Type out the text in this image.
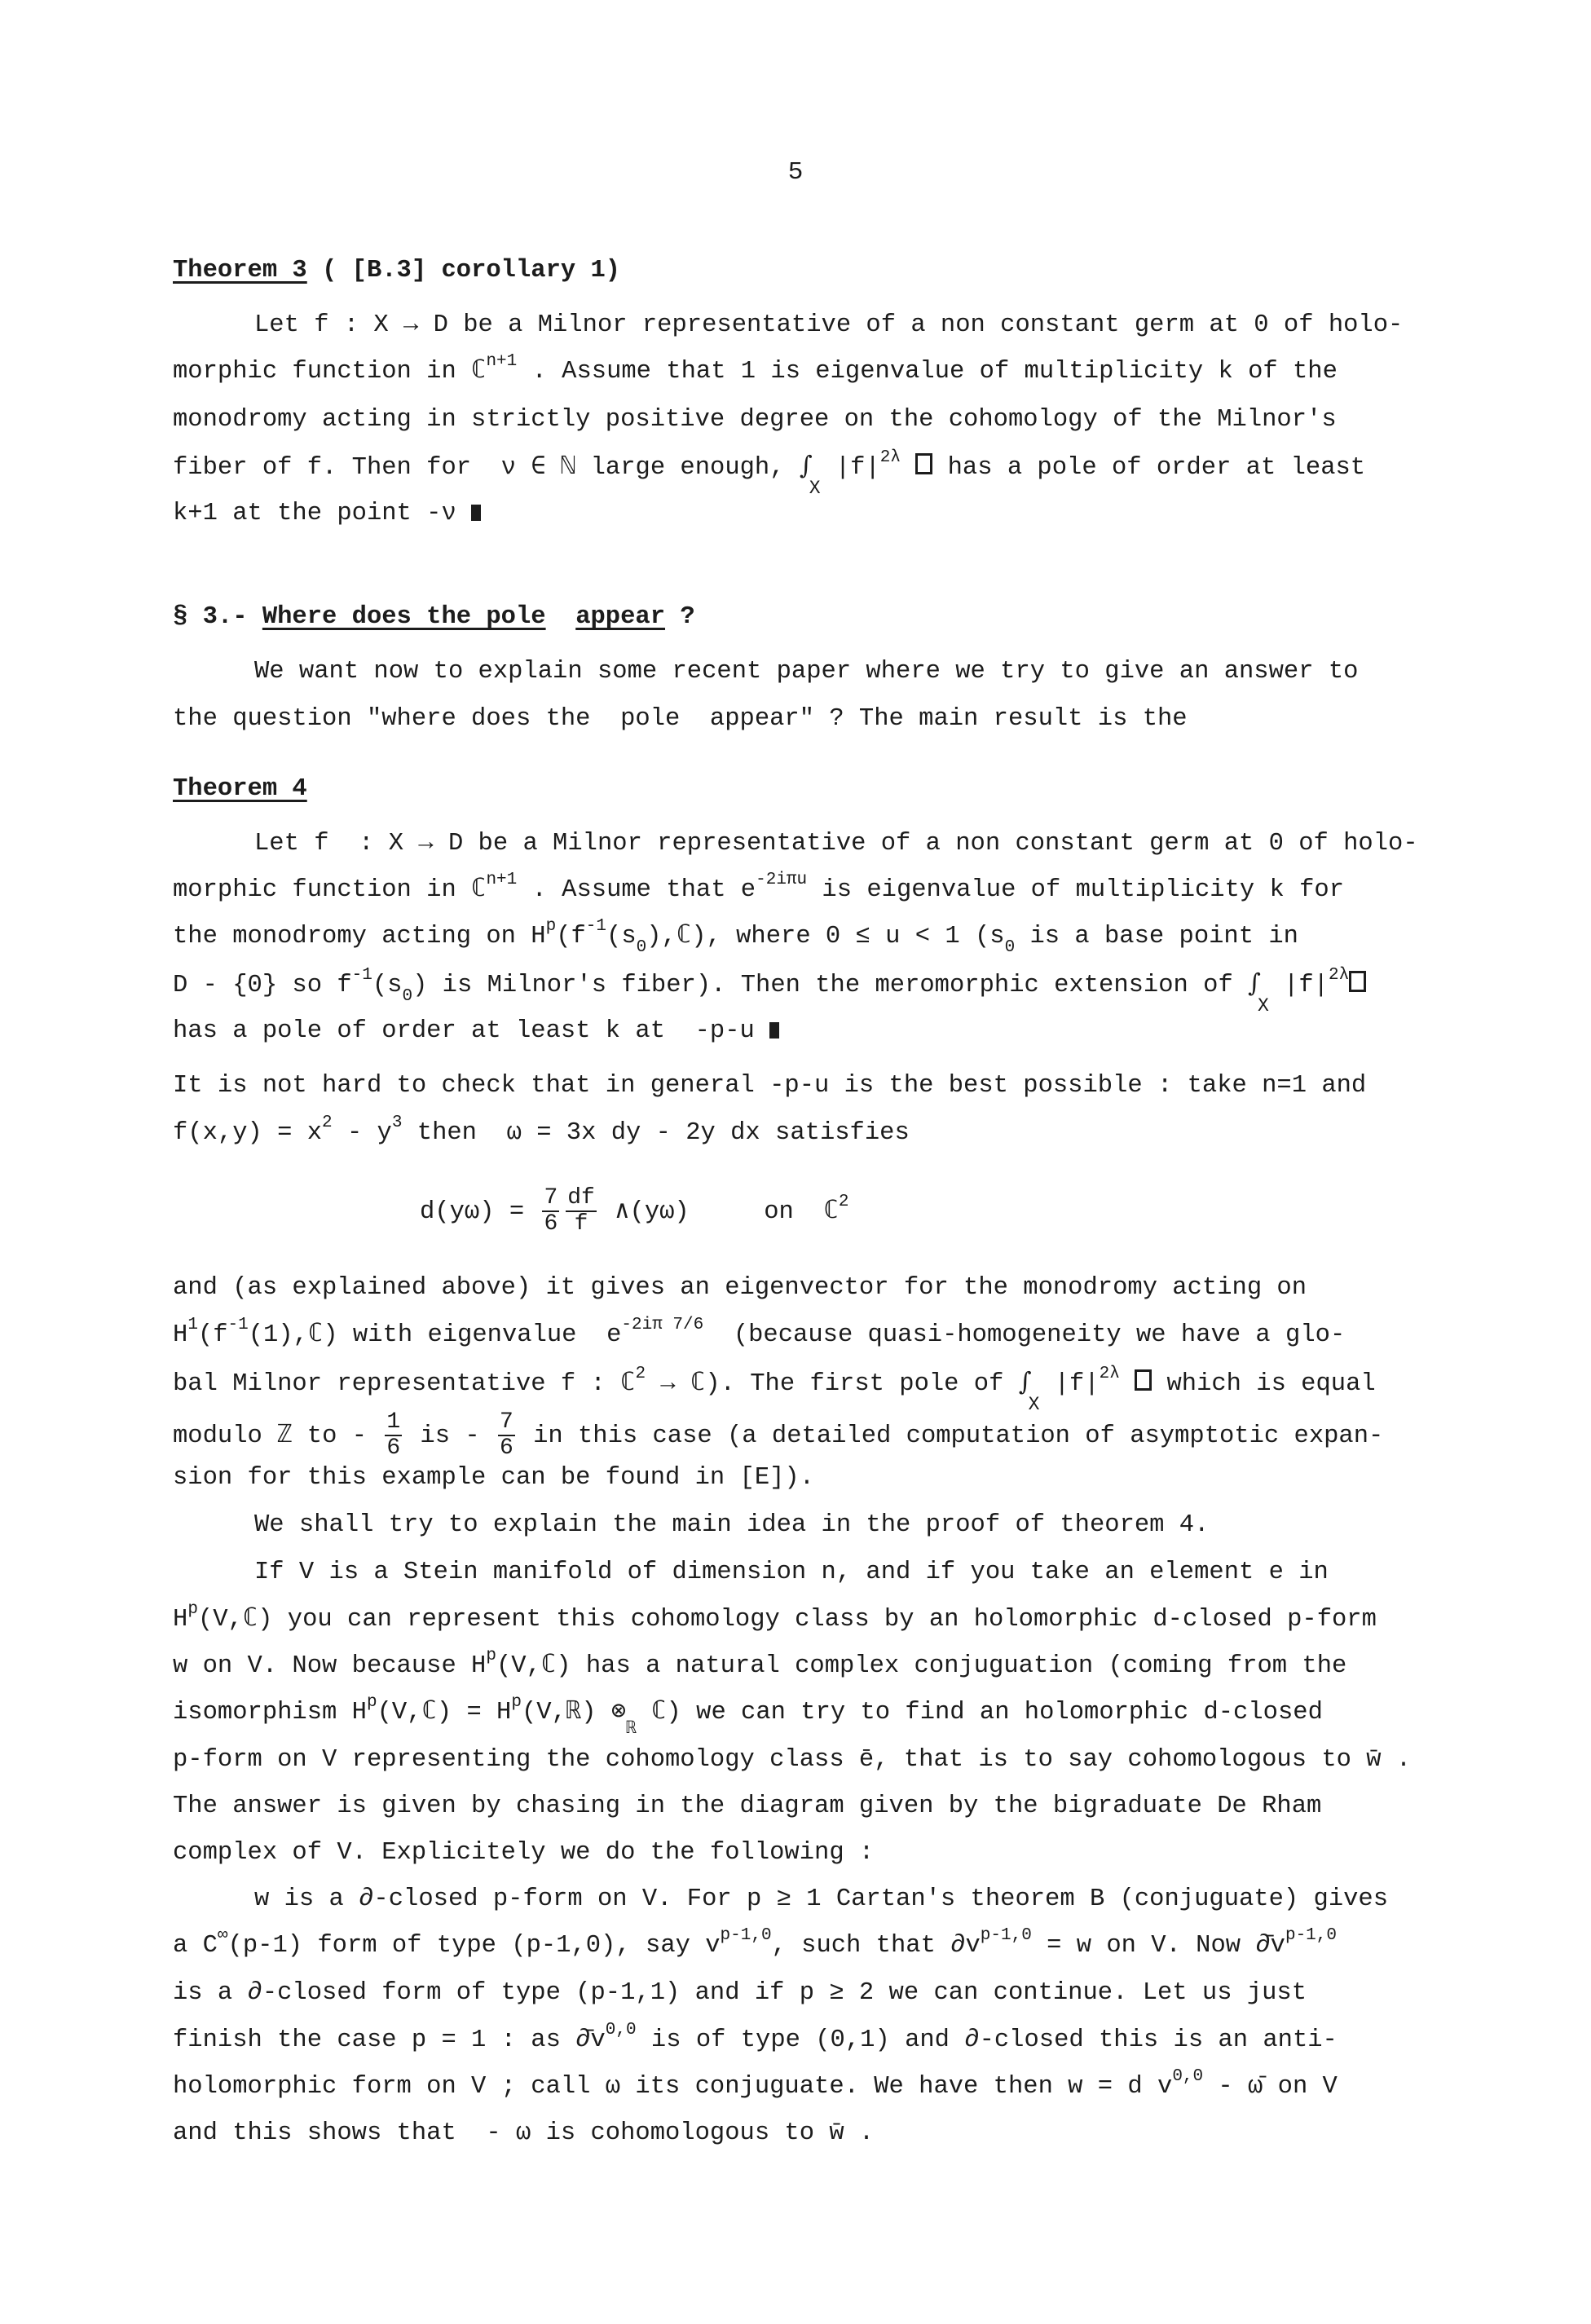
5
Theorem 3 ( [B.3] corollary 1)
Let f : X → D be a Milnor representative of a non constant germ at 0 of holo-
morphic function in ℂ$^{n+1}$ . Assume that 1 is eigenvalue of multiplicity k of the
monodromy acting in strictly positive degree on the cohomology of the Milnor's
fiber of f. Then for  ν ∈ ℕ large enough, $\int_X$ $|f|^{2\lambda}$  has a pole of order at least
k+1 at the point -ν
§ 3.- Where does the pole appear ?
We want now to explain some recent paper where we try to give an answer to
the question "where does the  pole  appear" ? The main result is the
Theorem 4
Let f  : X → D be a Milnor representative of a non constant germ at 0 of holo-
morphic function in ℂ$^{n+1}$ . Assume that $e^{-2i\pi u}$ is eigenvalue of multiplicity k for
the monodromy acting on $H^p(f^{-1}(s_0),ℂ)$, where 0 ≤ u < 1 ($s_0$ is a base point in
D - {0} so $f^{-1}(s_0)$ is Milnor's fiber). Then the meromorphic extension of $\int_X$ $|f|^{2\lambda}$
has a pole of order at least k at  -p-u
It is not hard to check that in general -p-u is the best possible : take n=1 and
$f(x,y) = x^2 - y^3$ then  ω = 3x dy - 2y dx satisfies
$d(y\omega) = \frac{7}{6} \frac{df}{f}$ ∧(yω)     on  ℂ$^2$
and (as explained above) it gives an eigenvector for the monodromy acting on
$H^1(f^{-1}(1),ℂ)$ with eigenvalue  $e^{-2i\pi 7/6}$  (because quasi-homogeneity we have a glo-
bal Milnor representative f : ℂ$^2$ → ℂ). The first pole of $\int_X$ $|f|^{2\lambda}$  which is equal
modulo ℤ to - $\frac{1}{6}$ is - $\frac{7}{6}$ in this case (a detailed computation of asymptotic expan-
sion for this example can be found in [E]).
We shall try to explain the main idea in the proof of theorem 4.
If V is a Stein manifold of dimension n, and if you take an element e in
$H^p(V,ℂ)$ you can represent this cohomology class by an holomorphic d-closed p-form
w on V. Now because $H^p(V,ℂ)$ has a natural complex conjuguation (coming from the
isomorphism $H^p(V,ℂ)$ = $H^p(V,ℝ)$ $\otimes_ℝ$ ℂ) we can try to find an holomorphic d-closed
p-form on V representing the cohomology class ē, that is to say cohomologous to w̄ .
The answer is given by chasing in the diagram given by the bigraduate De Rham
complex of V. Explicitely we do the following :
w is a ∂-closed p-form on V. For p ≥ 1 Cartan's theorem B (conjuguate) gives
a C∞(p-1) form of type (p-1,0), say $v^{p-1,0}$, such that $\partial v^{p-1,0} = w$ on V. Now $\partial̄v^{p-1,0}$
is a ∂-closed form of type (p-1,1) and if p ≥ 2 we can continue. Let us just
finish the case p = 1 : as $\partial̄v^{0,0}$ is of type (0,1) and ∂-closed this is an anti-
holomorphic form on V ; call ω its conjuguate. We have then w = d $v^{0,0}$ - ω̄ on V
and this shows that  - ω is cohomologous to w̄ .
